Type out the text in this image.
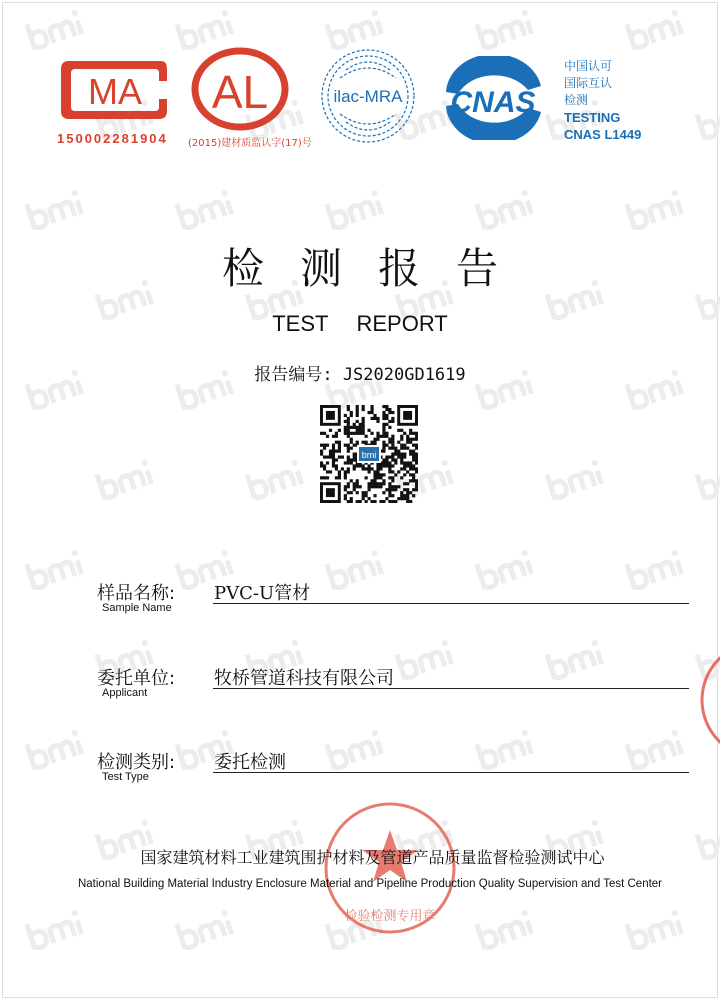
MA
150002281904
AL
(2015)建材质监认字(17)号
ilac-MRA CNAS
中国认可
国际互认
检测
TESTING
CNAS L1449
检 测 报 告
TEST REPORT
报告编号: JS2020GD1619
bmi
样品名称:
Sample Name
PVC-U管材
委托单位:
Applicant
牧桥管道科技有限公司
检测类别:
Test Type
委托检测
检验检测专用章
国家建筑材料工业建筑围护材料及管道产品质量监督检验测试中心
National Building Material Industry Enclosure Material and Pipeline Production Quality Supervision and Test Center
